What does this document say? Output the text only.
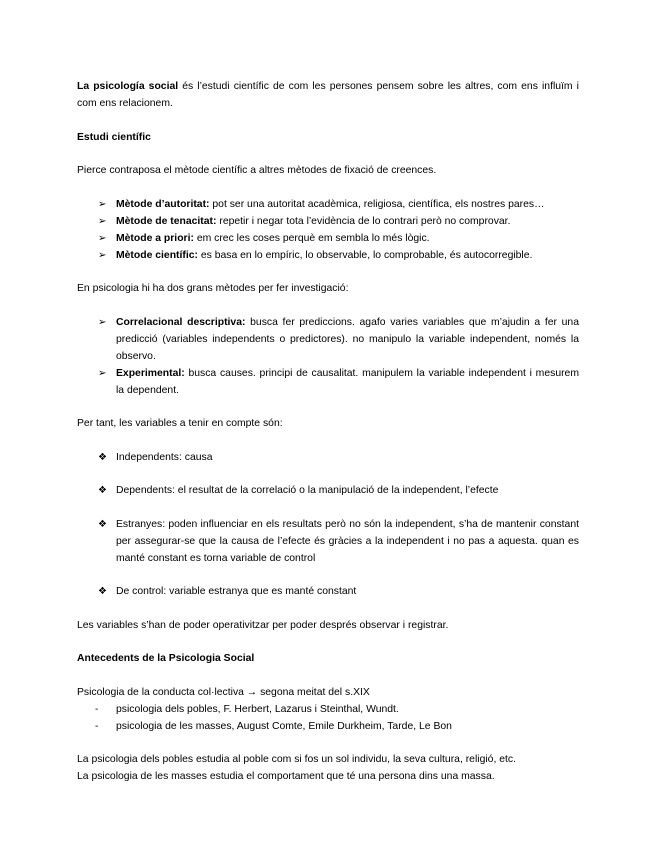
La psicología social és l’estudi científic de com les persones pensem sobre les altres, com ens influïm i com ens relacionem.

Estudi científic

Pierce contraposa el mètode científic a altres mètodes de fixació de creences.

➢ Mètode d’autoritat: pot ser una autoritat acadèmica, religiosa, científica, els nostres pares…
➢ Mètode de tenacitat: repetir i negar tota l’evidència de lo contrari però no comprovar.
➢ Mètode a priori: em crec les coses perquè em sembla lo més lògic.
➢ Mètode científic: es basa en lo empíric, lo observable, lo comprobable, és autocorregible.

En psicologia hi ha dos grans mètodes per fer investigació:

➢ Correlacional descriptiva: busca fer prediccions. agafo varies variables que m’ajudin a fer una predicció (variables independents o predictores). no manipulo la variable independent, només la observo.
➢ Experimental: busca causes. principi de causalitat. manipulem la variable independent i mesurem la dependent.

Per tant, les variables a tenir en compte són:

❖ Independents: causa
❖ Dependents: el resultat de la correlació o la manipulació de la independent, l’efecte
❖ Estranyes: poden influenciar en els resultats però no són la independent, s’ha de mantenir constant per assegurar-se que la causa de l’efecte és gràcies a la independent i no pas a aquesta. quan es manté constant es torna variable de control
❖ De control: variable estranya que es manté constant

Les variables s’han de poder operativitzar per poder després observar i registrar.

Antecedents de la Psicologia Social

Psicologia de la conducta col·lectiva → segona meitat del s.XIX

-	psicologia dels pobles, F. Herbert, Lazarus i Steinthal, Wundt.
-	psicologia de les masses, August Comte, Emile Durkheim, Tarde, Le Bon

La psicologia dels pobles estudia al poble com si fos un sol individu, la seva cultura, religió, etc.

La psicologia de les masses estudia el comportament que té una persona dins una massa.
